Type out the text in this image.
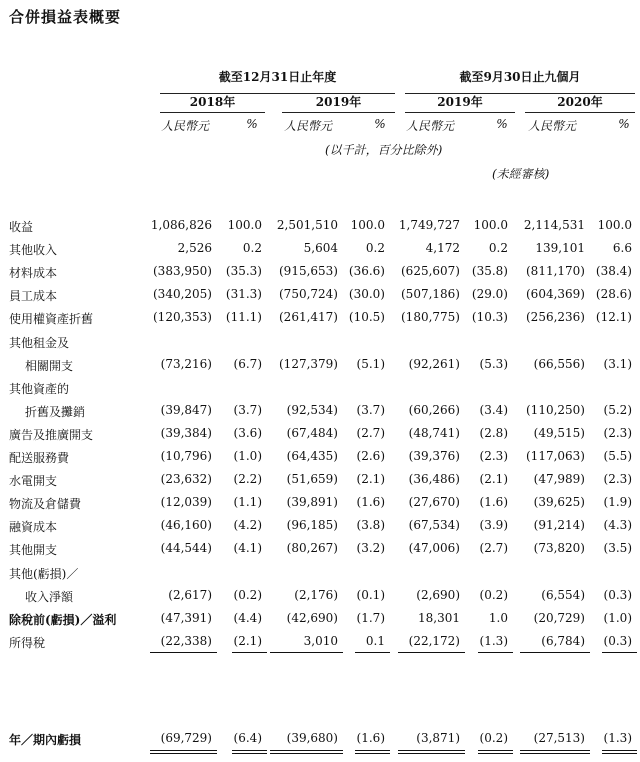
合併損益表概要
截至12月31日止年度	截至9月30日止九個月
2018年	2019年	2019年	2020年
人民幣元	%	人民幣元	%	人民幣元	%	人民幣元	%
(以千計，百分比除外)
(未經審核)
收益	1,086,826 100.0 2,501,510 100.0 1,749,727 100.0 2,114,531 100.0
其他收入	2,526	0.2	5,604 0.2	4,172 0.2 139,101 6.6
材料成本	(383,950) (35.3) (915,653) (36.6) (625,607) (35.8) (811,170) (38.4)
員工成本	(340,205) (31.3) (750,724) (30.0) (507,186) (29.0) (604,369) (28.6)
使用權資產折舊	(120,353) (11.1) (261,417) (10.5) (180,775) (10.3) (256,236) (12.1)
其他租金及
相關開支	(73,216) (6.7) (127,379) (5.1) (92,261) (5.3) (66,556) (3.1)
其他資產的
折舊及攤銷	(39,847) (3.7) (92,534) (3.7) (60,266) (3.4) (110,250) (5.2)
廣告及推廣開支	(39,384) (3.6) (67,484) (2.7) (48,741) (2.8) (49,515) (2.3)
配送服務費	(10,796) (1.0) (64,435) (2.6) (39,376) (2.3) (117,063) (5.5)
水電開支	(23,632) (2.2) (51,659) (2.1) (36,486) (2.1) (47,989) (2.3)
物流及倉儲費	(12,039) (1.1) (39,891) (1.6) (27,670) (1.6) (39,625) (1.9)
融資成本	(46,160) (4.2) (96,185) (3.8) (67,534) (3.9) (91,214) (4.3)
其他開支	(44,544) (4.1) (80,267) (3.2) (47,006) (2.7) (73,820) (3.5)
其他(虧損)／
收入淨額	(2,617) (0.2)	(2,176) (0.1)	(2,690) (0.2)	(6,554) (0.3)
除稅前(虧損)／溢利	(47,391) (4.4) (42,690) (1.7)	18,301 1.0 (20,729) (1.0)
所得稅	(22,338) (2.1)	3,010 0.1 (22,172) (1.3)	(6,784) (0.3)
年／期內虧損	(69,729) (6.4) (39,680) (1.6)	(3,871) (0.2) (27,513) (1.3)
